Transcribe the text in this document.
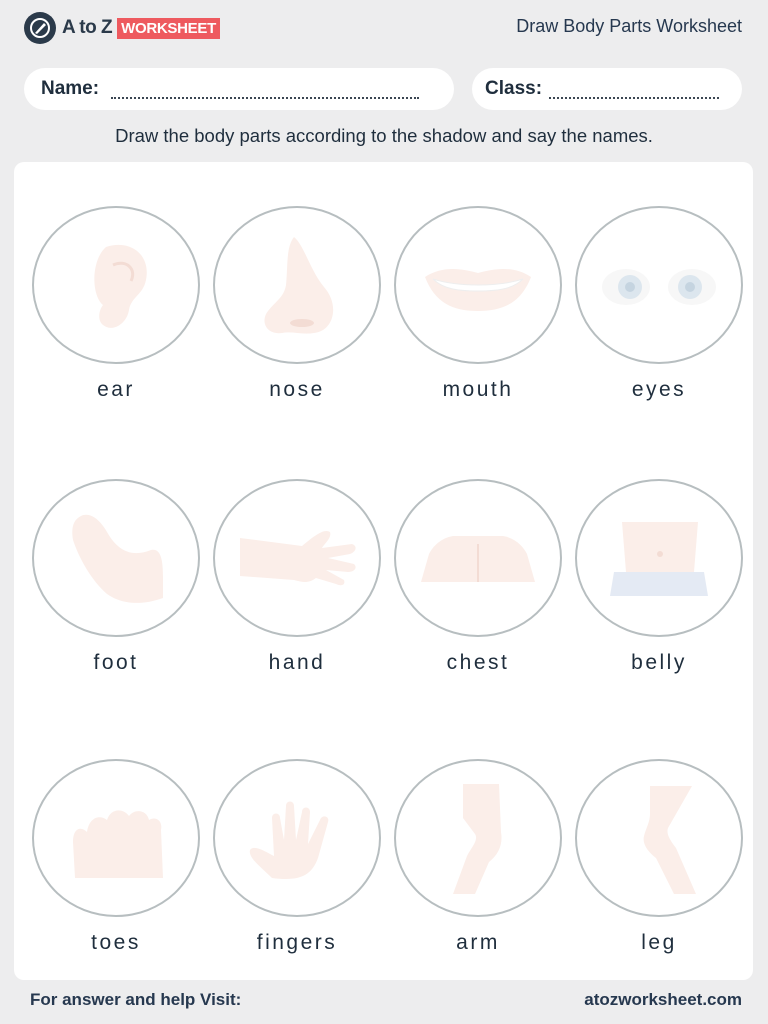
A to Z WORKSHEET	Draw Body Parts Worksheet
Name:	Class:
Draw the body parts according to the shadow and say the names.
ear	nose	mouth	eyes
foot	hand	chest	belly
toes	fingers	arm	leg
For answer and help Visit:	atozworksheet.com
